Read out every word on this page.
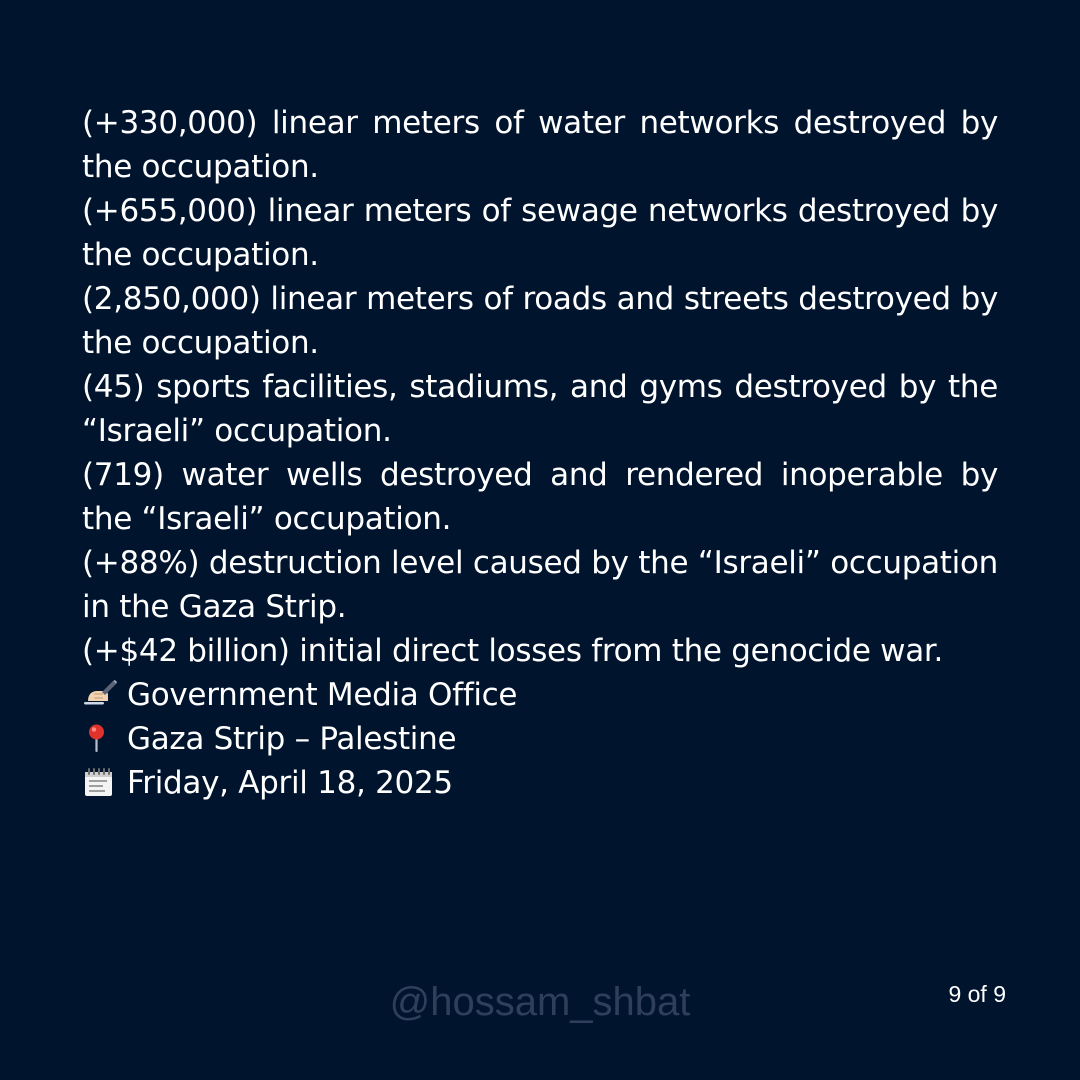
(+330,000) linear meters of water networks destroyed by the occupation.

(+655,000) linear meters of sewage networks destroyed by the occupation.

(2,850,000) linear meters of roads and streets destroyed by the occupation.

(45) sports facilities, stadiums, and gyms destroyed by the “Israeli” occupation.

(719) water wells destroyed and rendered inoperable by the “Israeli” occupation.

(+88%) destruction level caused by the “Israeli” occupation in the Gaza Strip.

(+$42 billion) initial direct losses from the genocide war.

Government Media Office

Gaza Strip – Palestine

Friday, April 18, 2025

@hossam_shbat	9 of 9
